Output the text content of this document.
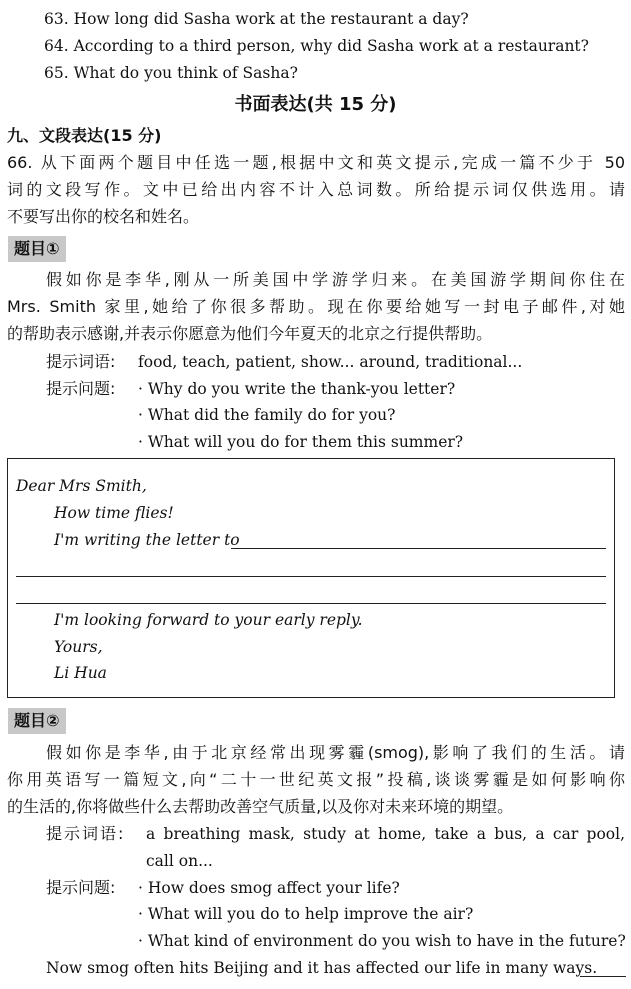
63. How long did Sasha work at the restaurant a day?
64. According to a third person, why did Sasha work at a restaurant?
65. What do you think of Sasha?
书面表达(共 15 分)
九、文段表达(15 分)
66. 从下面两个题目中任选一题,根据中文和英文提示,完成一篇不少于 50
词的文段写作。文中已给出内容不计入总词数。所给提示词仅供选用。请
不要写出你的校名和姓名。
题目①
假如你是李华,刚从一所美国中学游学归来。在美国游学期间你住在
Mrs. Smith 家里,她给了你很多帮助。现在你要给她写一封电子邮件,对她
的帮助表示感谢,并表示你愿意为他们今年夏天的北京之行提供帮助。
提示词语: food, teach, patient, show... around, traditional...
提示问题: · Why do you write the thank-you letter?
· What did the family do for you?
· What will you do for them this summer?
Dear Mrs Smith,
How time flies!
I'm writing the letter to
I'm looking forward to your early reply.
Yours,
Li Hua
题目②
假如你是李华,由于北京经常出现雾霾(smog),影响了我们的生活。请
你用英语写一篇短文,向“二十一世纪英文报”投稿,谈谈雾霾是如何影响你
的生活的,你将做些什么去帮助改善空气质量,以及你对未来环境的期望。
提示词语: a breathing mask, study at home, take a bus, a car pool,
call on...
提示问题: · How does smog affect your life?
· What will you do to help improve the air?
· What kind of environment do you wish to have in the future?
Now smog often hits Beijing and it has affected our life in many ways.
